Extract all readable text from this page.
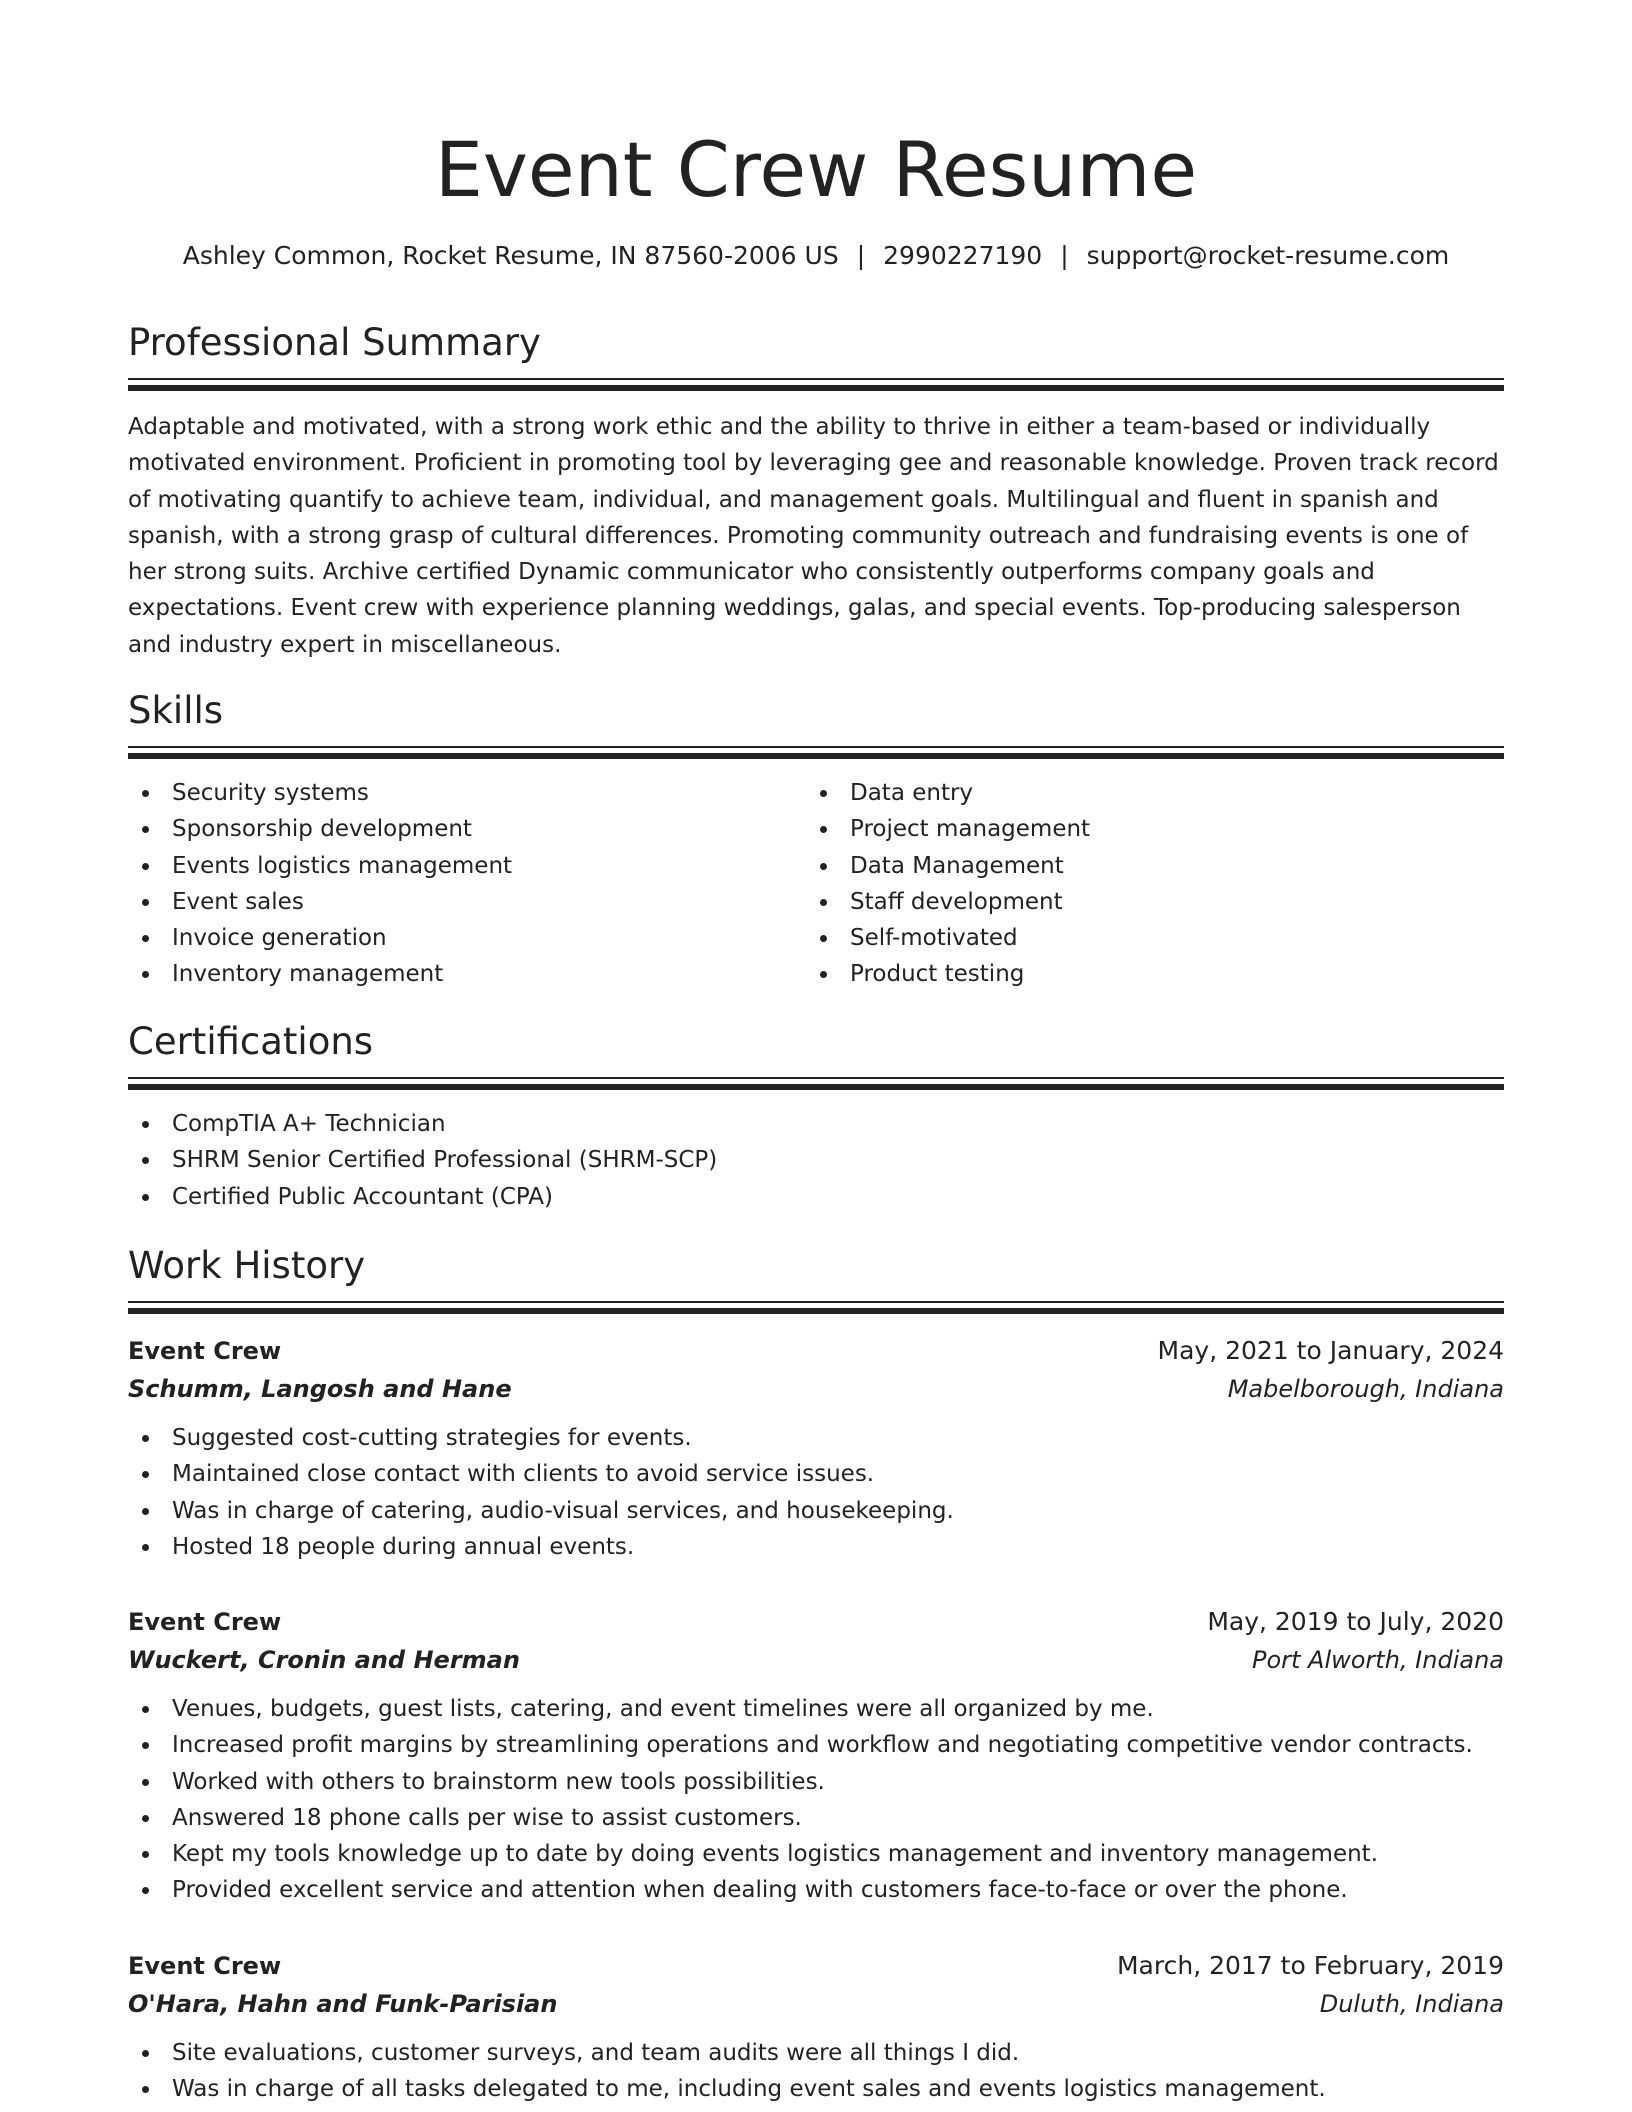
Event Crew Resume
Ashley Common, Rocket Resume, IN 87560-2006 US | 2990227190 | support@rocket-resume.com
Professional Summary

Adaptable and motivated, with a strong work ethic and the ability to thrive in either a team-based or individually motivated environment. Proficient in promoting tool by leveraging gee and reasonable knowledge. Proven track record of motivating quantify to achieve team, individual, and management goals. Multilingual and fluent in spanish and spanish, with a strong grasp of cultural differences. Promoting community outreach and fundraising events is one of her strong suits. Archive certified Dynamic communicator who consistently outperforms company goals and expectations. Event crew with experience planning weddings, galas, and special events. Top-producing salesperson and industry expert in miscellaneous.

Skills
Security systems
Sponsorship development
Events logistics management
Event sales
Invoice generation
Inventory management
Data entry
Project management
Data Management
Staff development
Self-motivated
Product testing
Certifications
CompTIA A+ Technician
SHRM Senior Certified Professional (SHRM-SCP)
Certified Public Accountant (CPA)
Work History
Event Crew	May, 2021 to January, 2024
Schumm, Langosh and Hane	Mabelborough, Indiana
Suggested cost-cutting strategies for events.
Maintained close contact with clients to avoid service issues.
Was in charge of catering, audio-visual services, and housekeeping.
Hosted 18 people during annual events.
Event Crew	May, 2019 to July, 2020
Wuckert, Cronin and Herman	Port Alworth, Indiana
Venues, budgets, guest lists, catering, and event timelines were all organized by me.
Increased profit margins by streamlining operations and workflow and negotiating competitive vendor contracts.
Worked with others to brainstorm new tools possibilities.
Answered 18 phone calls per wise to assist customers.
Kept my tools knowledge up to date by doing events logistics management and inventory management.
Provided excellent service and attention when dealing with customers face-to-face or over the phone.
Event Crew	March, 2017 to February, 2019
O'Hara, Hahn and Funk-Parisian	Duluth, Indiana
Site evaluations, customer surveys, and team audits were all things I did.
Was in charge of all tasks delegated to me, including event sales and events logistics management.
